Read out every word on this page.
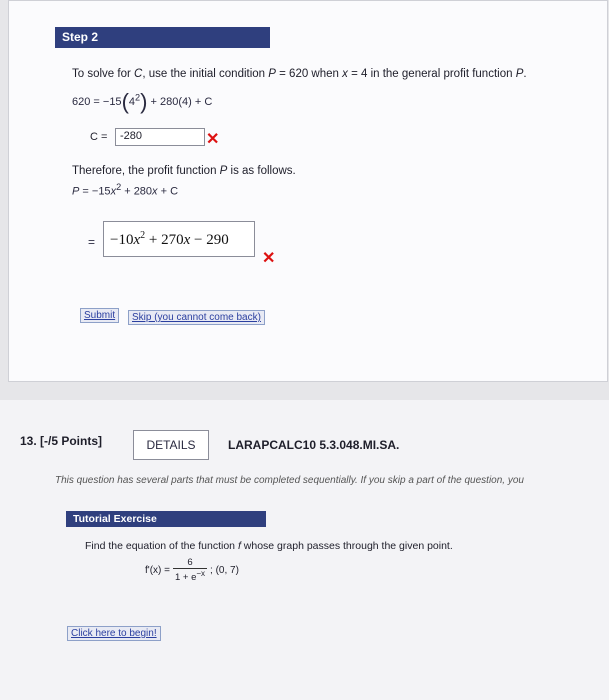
Step 2
To solve for C, use the initial condition P = 620 when x = 4 in the general profit function P.
$620 = -15(4^2) + 280(4) + C$
C =	-280	✕
Therefore, the profit function P is as follows.
$P = -15x^2 + 280x + C$
= $-10x^2 + 270x - 290$
✕
Submit	Skip (you cannot come back)
13. [-/5 Points]	DETAILS	LARAPCALC10 5.3.048.MI.SA.
This question has several parts that must be completed sequentially. If you skip a part of the question, you
Tutorial Exercise
Find the equation of the function f whose graph passes through the given point.
$f'(x) = \frac{6}{1 + e^{-x}}$ ; (0, 7)
Click here to begin!
